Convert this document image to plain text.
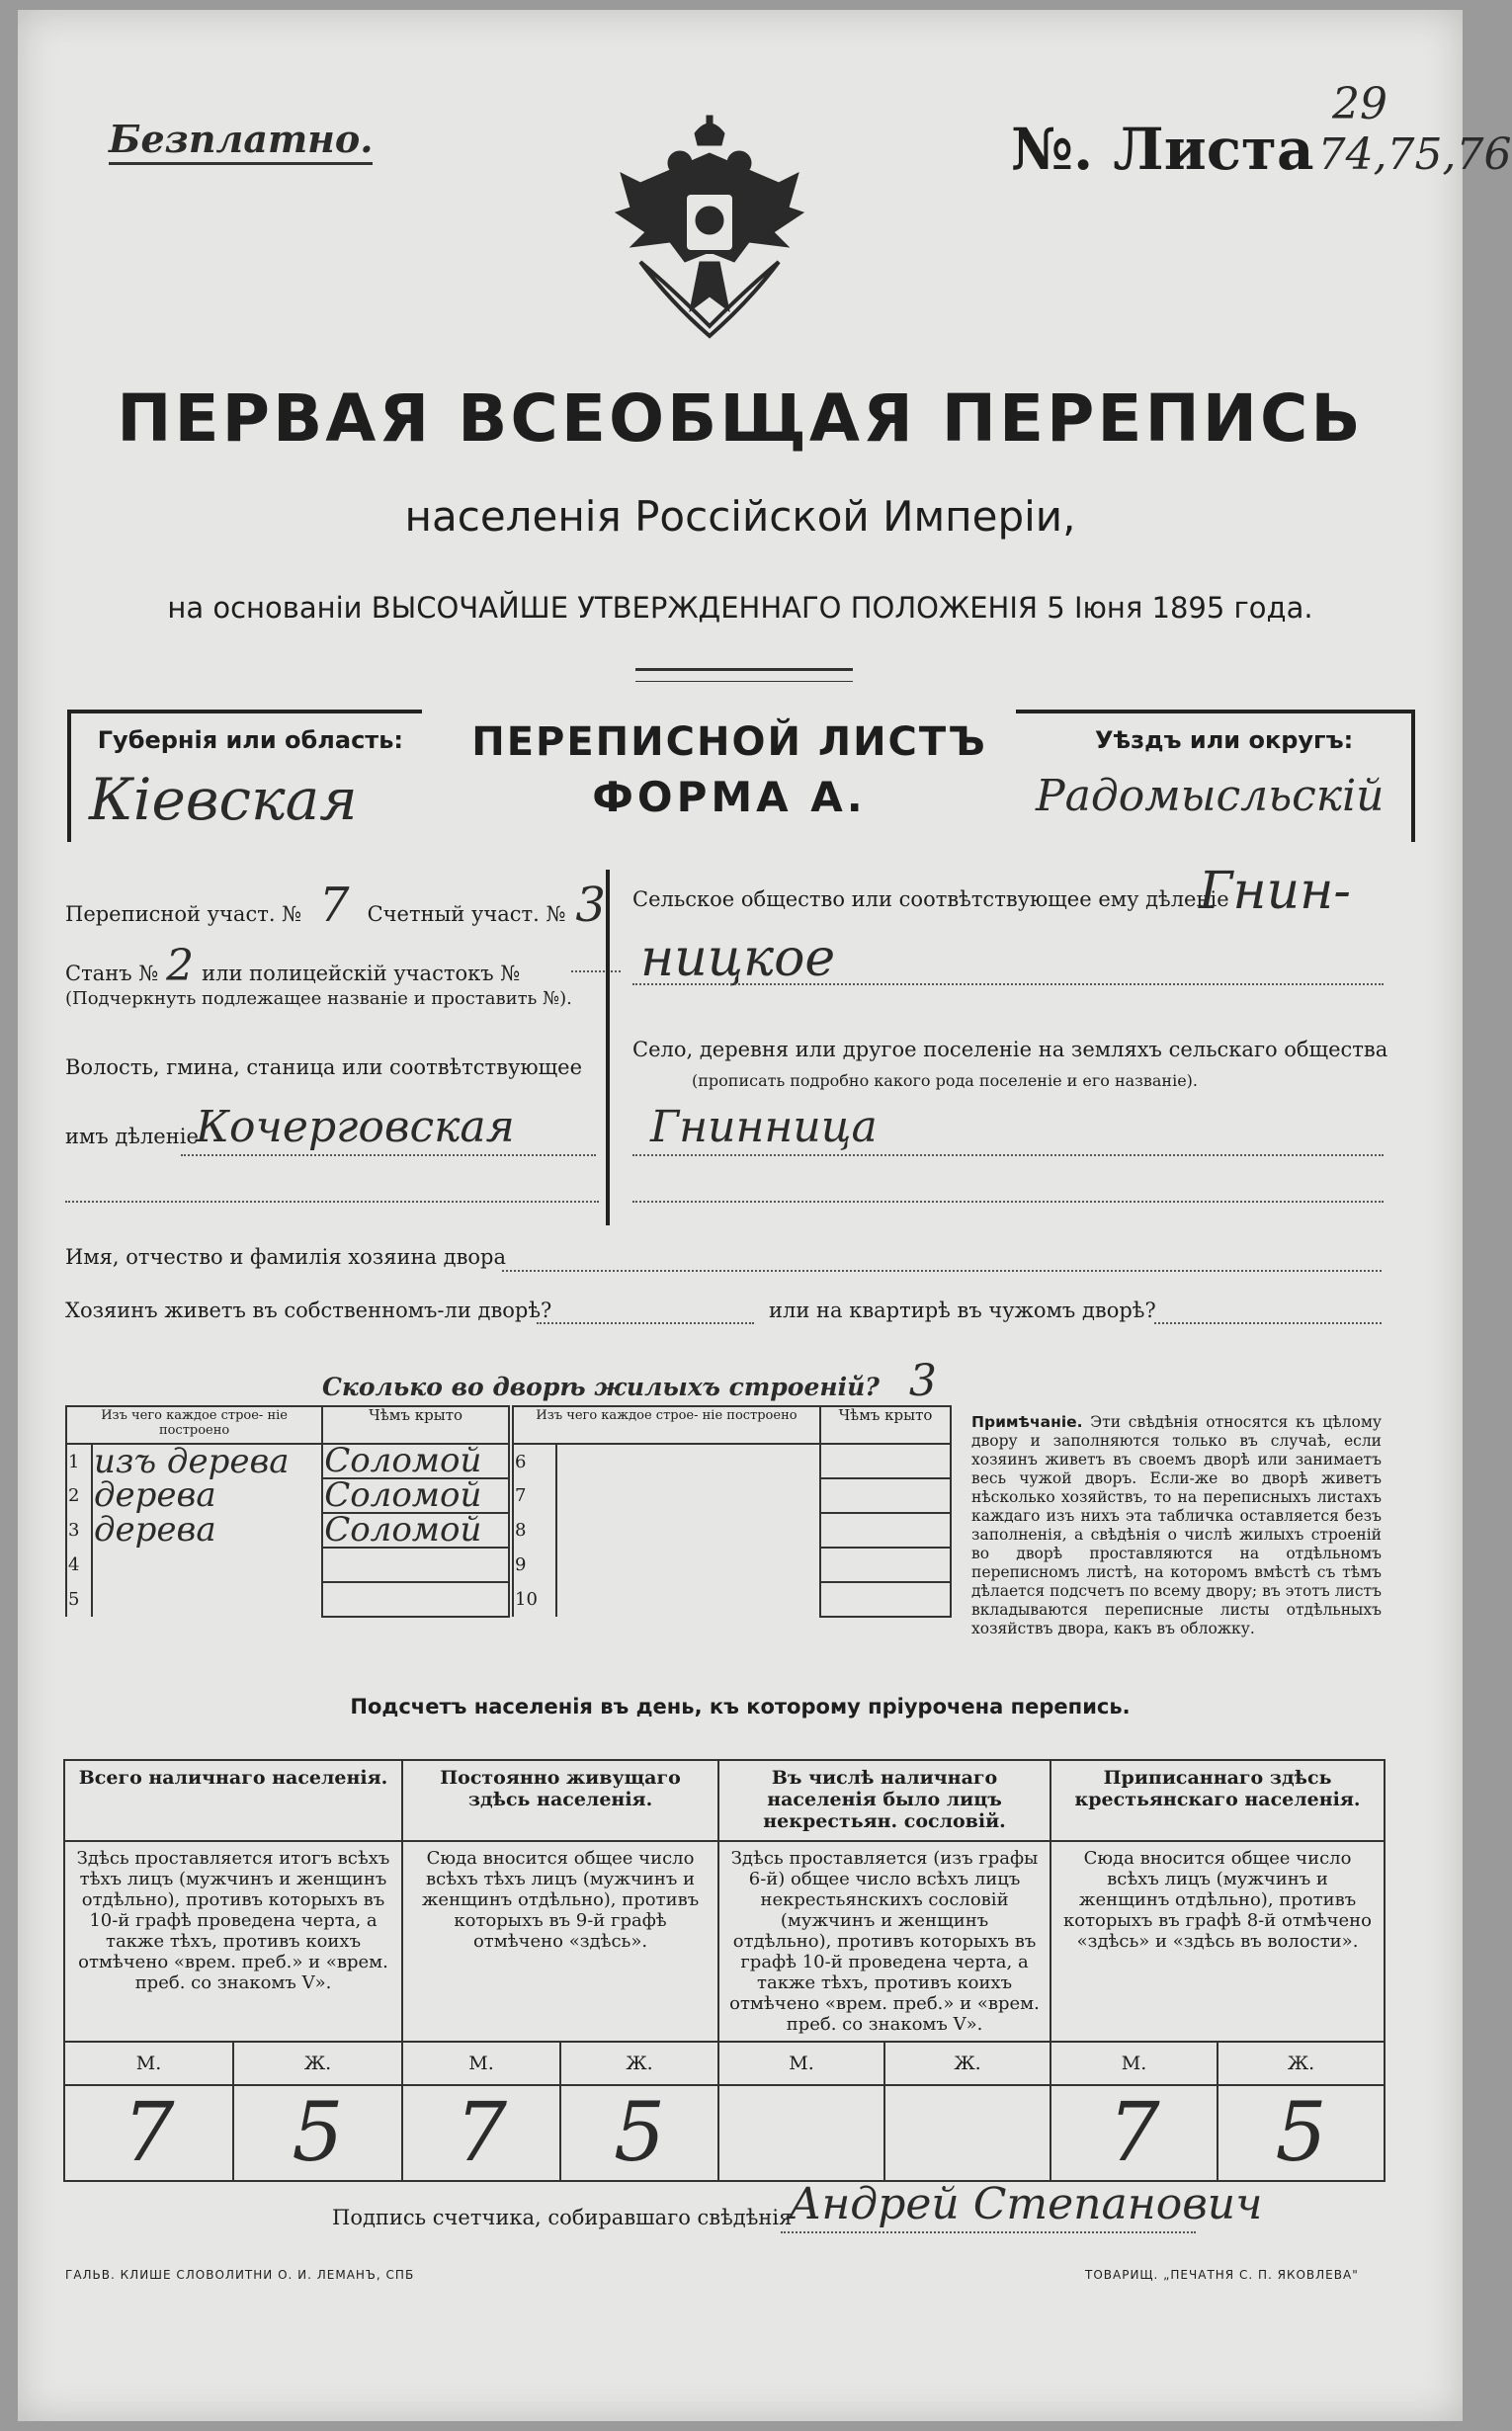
Безплатно.	№. Листа74,75,76
29
ПЕРВАЯ ВСЕОБЩАЯ ПЕРЕПИСЬ
населенія Россійской Имперіи,
на основаніи ВЫСОЧАЙШЕ УТВЕРЖДЕННАГО ПОЛОЖЕНІЯ 5 Іюня 1895 года.
Губернія или область:
Кіевская
ПЕРЕПИСНОЙ ЛИСТЪ
ФОРМА А.
Уѣздъ или округъ:
Радомысльскій
Переписной участ. № 7 Счетный участ. № 3
Станъ № 2 или полицейскій участокъ №
(Подчеркнуть подлежащее названіе и проставить №).
Волость, гмина, станица или соотвѣтствующее
имъ дѣленіе
Кочерговская
Сельское общество или соотвѣтствующее ему дѣленіе
Гнин-
ницкое
Село, деревня или другое поселеніе на земляхъ сельскаго общества
(прописать подробно какого рода поселеніе и его названіе).
Гнинница
Имя, отчество и фамилія хозяина двора
Хозяинъ живетъ въ собственномъ-ли дворѣ?	или на квартирѣ въ чужомъ дворѣ?
Сколько во дворѣ жилыхъ строеній? 3
Изъ чего каждое строе- ніе построено		Чѣмъ крыто
1	изъ дерева	Соломой
2	дерева	Соломой
3	дерева	Соломой
4		
5		
Изъ чего каждое строе- ніе построено		Чѣмъ крыто
6		
7		
8		
9		
10		
Примѣчаніе. Эти свѣдѣнія относятся къ цѣлому двору и заполняются только въ случаѣ, если хозяинъ живетъ въ своемъ дворѣ или занимаетъ весь чужой дворъ. Если-же во дворѣ живетъ нѣсколько хозяйствъ, то на переписныхъ листахъ каждаго изъ нихъ эта табличка оставляется безъ заполненія, а свѣдѣнія о числѣ жилыхъ строеній во дворѣ проставляются на отдѣльномъ переписномъ листѣ, на которомъ вмѣстѣ съ тѣмъ дѣлается подсчетъ по всему двору; въ этотъ листъ вкладываются переписные листы отдѣльныхъ хозяйствъ двора, какъ въ обложку.
Подсчетъ населенія въ день, къ которому пріурочена перепись.
Всего наличнаго населенія.		Постоянно живущаго здѣсь населенія.		Въ числѣ наличнаго населенія было лицъ некрестьян. сословій.		Приписаннаго здѣсь крестьянскаго населенія.	
Здѣсь проставляется итогъ всѣхъ тѣхъ лицъ (мужчинъ и женщинъ отдѣльно), противъ которыхъ въ 10-й графѣ проведена черта, а также тѣхъ, противъ коихъ отмѣчено «врем. преб.» и «врем. преб. со знакомъ V».		Сюда вносится общее число всѣхъ тѣхъ лицъ (мужчинъ и женщинъ отдѣльно), противъ которыхъ въ 9-й графѣ отмѣчено «здѣсь».		Здѣсь проставляется (изъ графы 6-й) общее число всѣхъ лицъ некрестьянскихъ сословій (мужчинъ и женщинъ отдѣльно), противъ которыхъ въ графѣ 10-й проведена черта, а также тѣхъ, противъ коихъ отмѣчено «врем. преб.» и «врем. преб. со знакомъ V».		Сюда вносится общее число всѣхъ лицъ (мужчинъ и женщинъ отдѣльно), противъ которыхъ въ графѣ 8-й отмѣчено «здѣсь» и «здѣсь въ волости».	
М.	Ж.	М.	Ж.	М.	Ж.	М.	Ж.
7	5	7	5			7	5
Подпись счетчика, собиравшаго свѣдѣнія
Андрей Степанович
ГАЛЬВ. КЛИШЕ СЛОВОЛИТНИ О. И. ЛЕМАНЪ, СПБ	ТОВАРИЩ. „ПЕЧАТНЯ С. П. ЯКОВЛЕВА"
